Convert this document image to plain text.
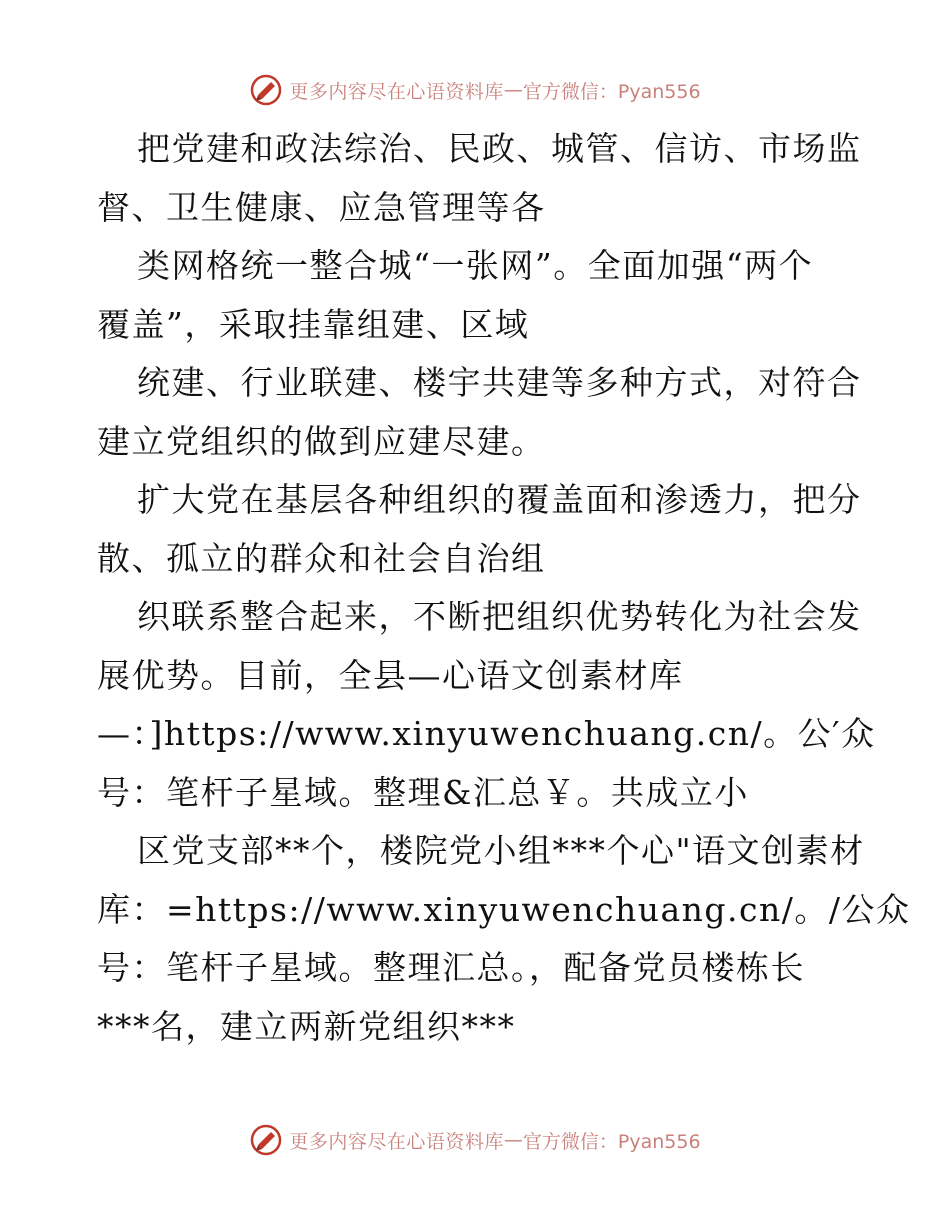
更多内容尽在心语资料库 — 官方微信：Pyan556
把党建和政法综治、民政、城管、信访、市场监
督、卫生健康、应急管理等各
类网格统一整合城“一张网”。全面加强“两个
覆盖”，采取挂靠组建、区域
统建、行业联建、楼宇共建等多种方式，对符合
建立党组织的做到应建尽建。
扩大党在基层各种组织的覆盖面和渗透力，把分
散、孤立的群众和社会自治组
织联系整合起来，不断把组织优势转化为社会发
展优势。目前，全县—心语文创素材库
—：]https://www.xinyuwenchuang.cn/。公′众
号：笔杆子星域。整理&汇总￥。共成立小
区党支部**个，楼院党小组***个心"语文创素材
库：=https://www.xinyuwenchuang.cn/。/公众
号：笔杆子星域。整理汇总。，配备党员楼栋长
***名，建立两新党组织***
更多内容尽在心语资料库 — 官方微信：Pyan556
